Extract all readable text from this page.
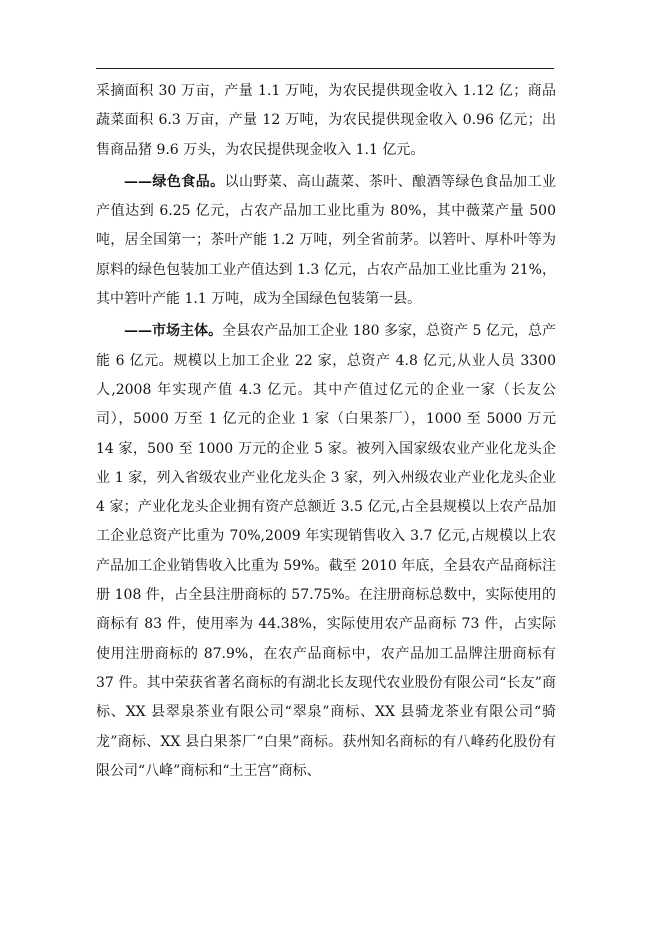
采摘面积 30 万亩，产量 1.1 万吨，为农民提供现金收入 1.12 亿；商品蔬菜面积 6.3 万亩，产量 12 万吨，为农民提供现金收入 0.96 亿元；出售商品猪 9.6 万头，为农民提供现金收入 1.1 亿元。

——绿色食品。以山野菜、高山蔬菜、茶叶、酿酒等绿色食品加工业产值达到 6.25 亿元，占农产品加工业比重为 80%，其中薇菜产量 500 吨，居全国第一；茶叶产能 1.2 万吨，列全省前茅。以箬叶、厚朴叶等为原料的绿色包装加工业产值达到 1.3 亿元，占农产品加工业比重为 21%，其中箬叶产能 1.1 万吨，成为全国绿色包装第一县。

——市场主体。全县农产品加工企业 180 多家，总资产 5 亿元，总产能 6 亿元。规模以上加工企业 22 家，总资产 4.8 亿元,从业人员 3300 人,2008 年实现产值 4.3 亿元。其中产值过亿元的企业一家（长友公司），5000 万至 1 亿元的企业 1 家（白果茶厂），1000 至 5000 万元 14 家，500 至 1000 万元的企业 5 家。被列入国家级农业产业化龙头企业 1 家，列入省级农业产业化龙头企 3 家，列入州级农业产业化龙头企业 4 家；产业化龙头企业拥有资产总额近 3.5 亿元,占全县规模以上农产品加工企业总资产比重为 70%,2009 年实现销售收入 3.7 亿元,占规模以上农产品加工企业销售收入比重为 59%。截至 2010 年底，全县农产品商标注册 108 件，占全县注册商标的 57.75%。在注册商标总数中，实际使用的商标有 83 件，使用率为 44.38%，实际使用农产品商标 73 件，占实际使用注册商标的 87.9%，在农产品商标中，农产品加工品牌注册商标有 37 件。其中荣获省著名商标的有湖北长友现代农业股份有限公司“长友”商标、XX 县翠泉茶业有限公司“翠泉”商标、XX 县骑龙茶业有限公司“骑龙”商标、XX 县白果茶厂“白果”商标。获州知名商标的有八峰药化股份有限公司“八峰”商标和“土王宫”商标、
